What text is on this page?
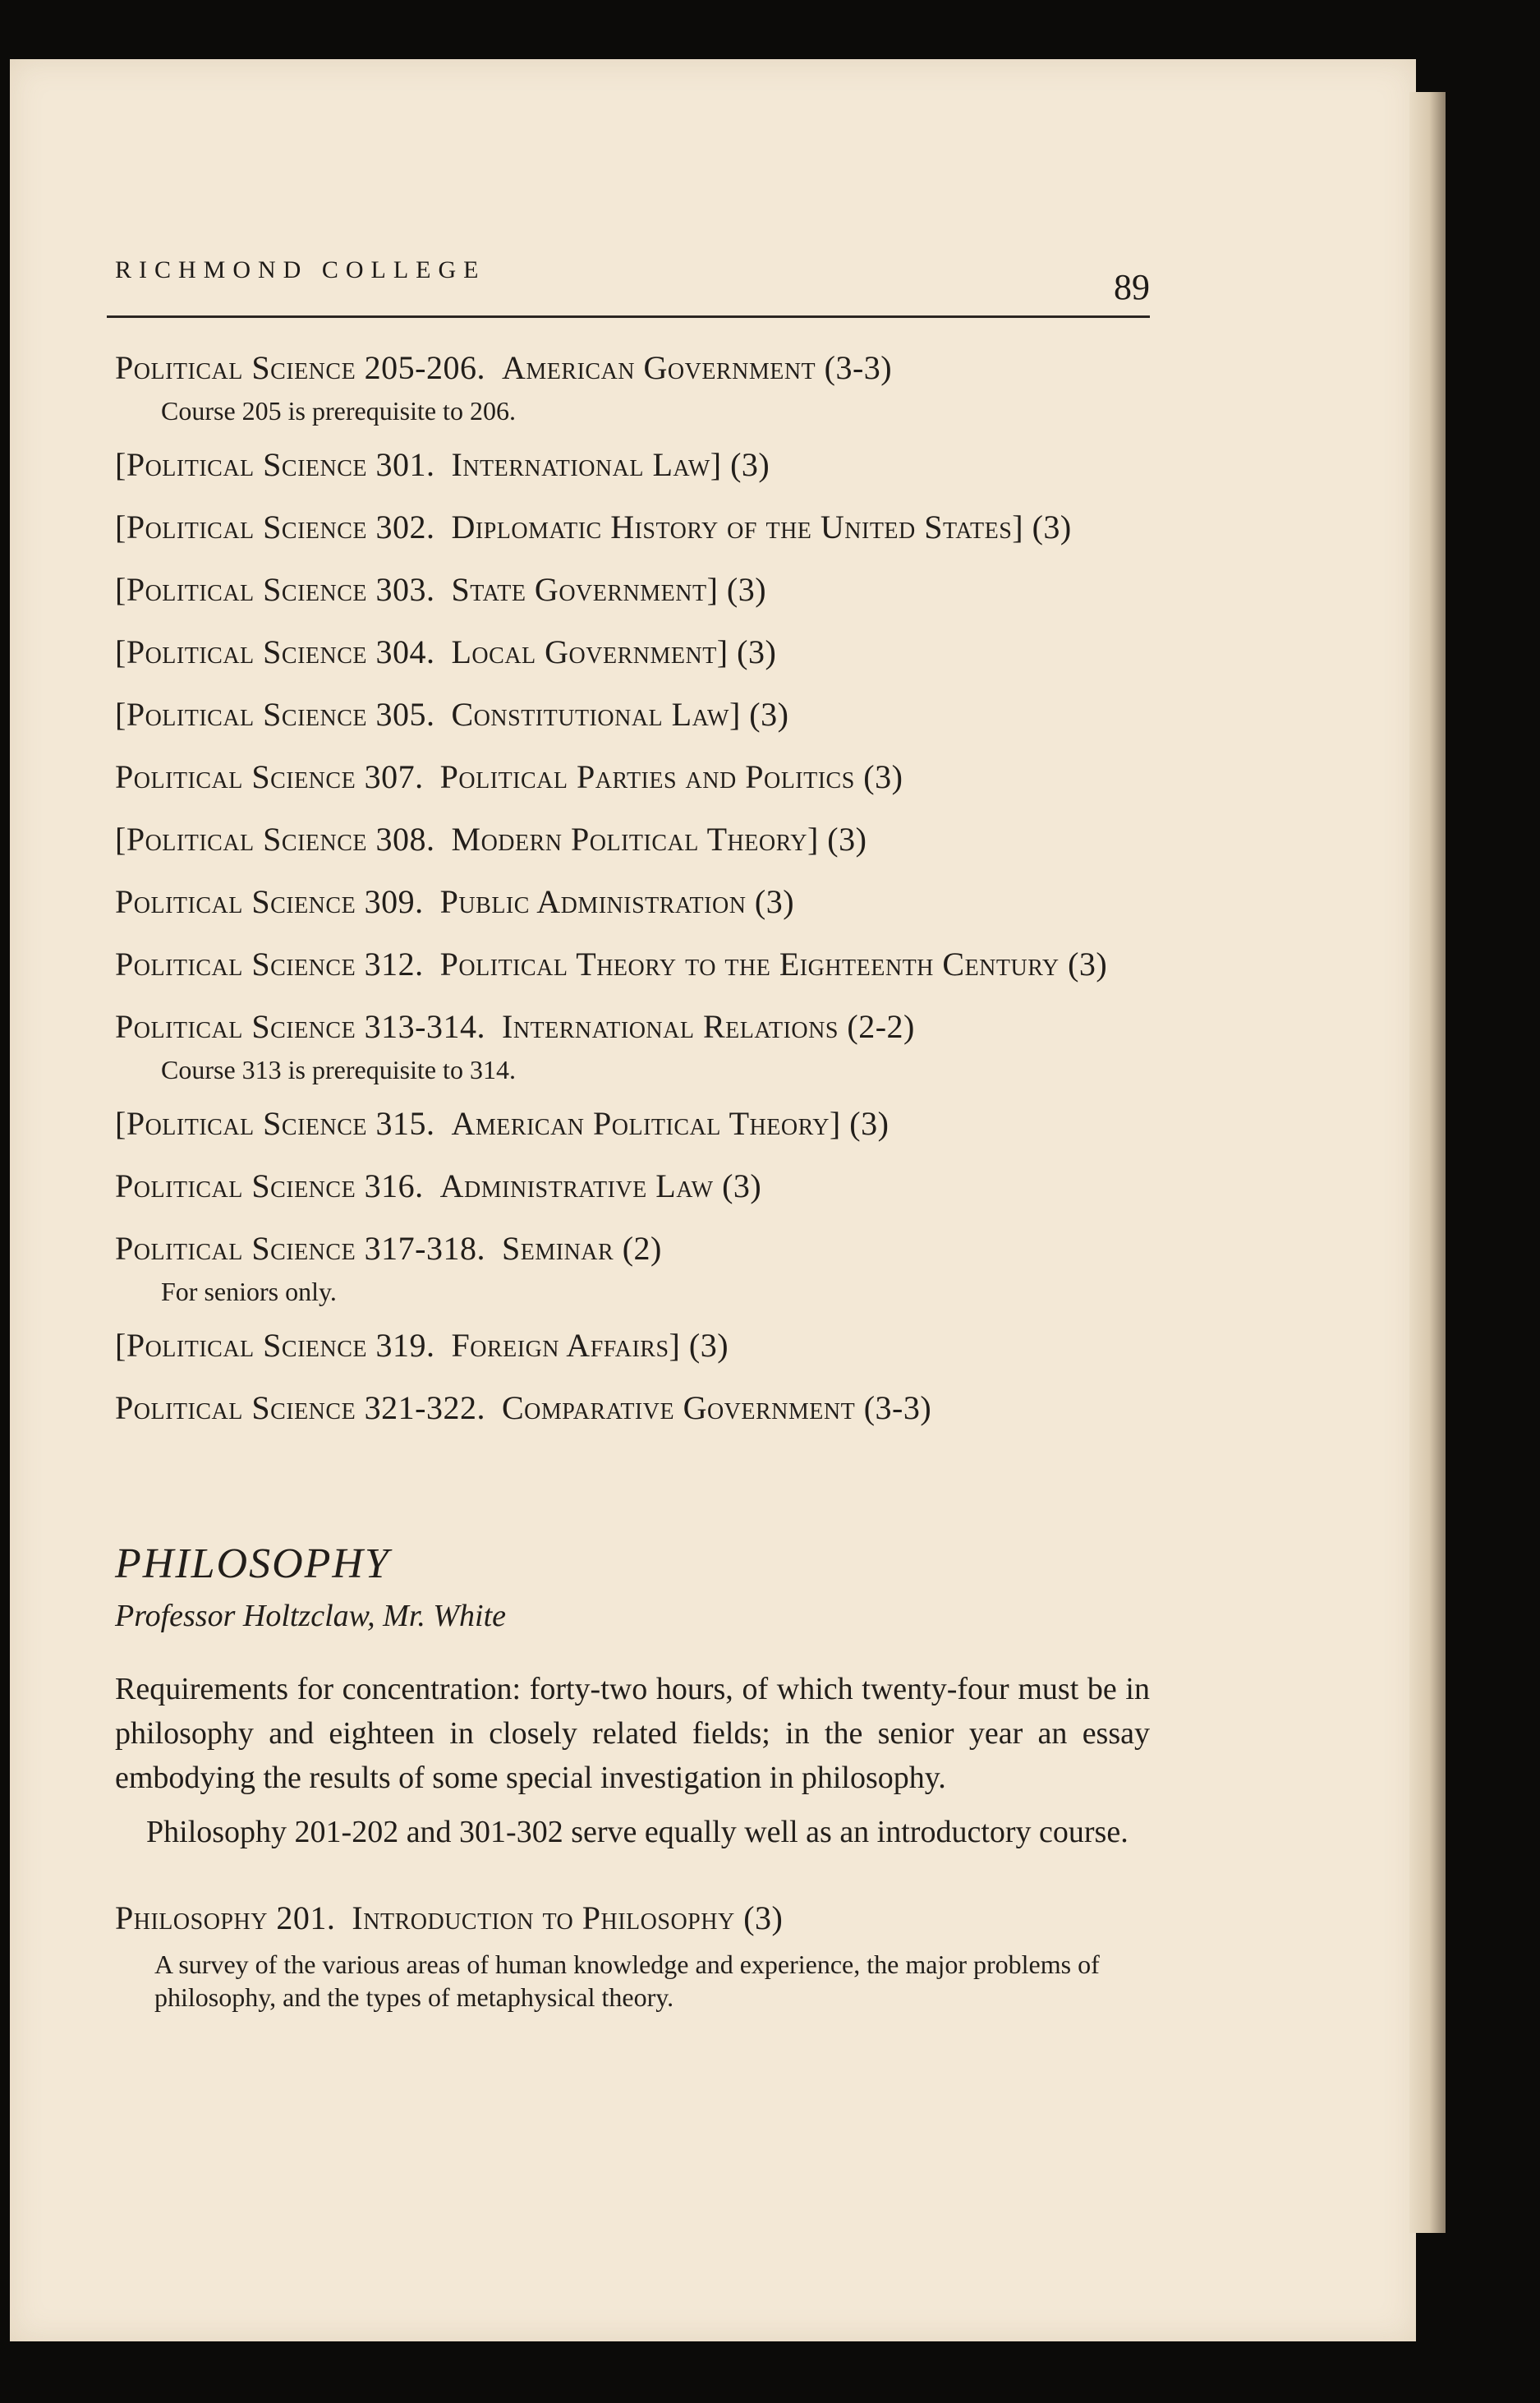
RICHMOND COLLEGE	89
Political Science 205-206. American Government (3-3)
Course 205 is prerequisite to 206.
[Political Science 301. International Law] (3)
[Political Science 302. Diplomatic History of the United States] (3)
[Political Science 303. State Government] (3)
[Political Science 304. Local Government] (3)
[Political Science 305. Constitutional Law] (3)
Political Science 307. Political Parties and Politics (3)
[Political Science 308. Modern Political Theory] (3)
Political Science 309. Public Administration (3)
Political Science 312. Political Theory to the Eighteenth Century (3)
Political Science 313-314. International Relations (2-2)
Course 313 is prerequisite to 314.
[Political Science 315. American Political Theory] (3)
Political Science 316. Administrative Law (3)
Political Science 317-318. Seminar (2)
For seniors only.
[Political Science 319. Foreign Affairs] (3)
Political Science 321-322. Comparative Government (3-3)
PHILOSOPHY
Professor Holtzclaw, Mr. White
Requirements for concentration: forty-two hours, of which twenty-four must be in philosophy and eighteen in closely related fields; in the senior year an essay embodying the results of some special investigation in philosophy.
Philosophy 201-202 and 301-302 serve equally well as an introductory course.
Philosophy 201. Introduction to Philosophy (3)
A survey of the various areas of human knowledge and experience, the major problems of philosophy, and the types of metaphysical theory.
